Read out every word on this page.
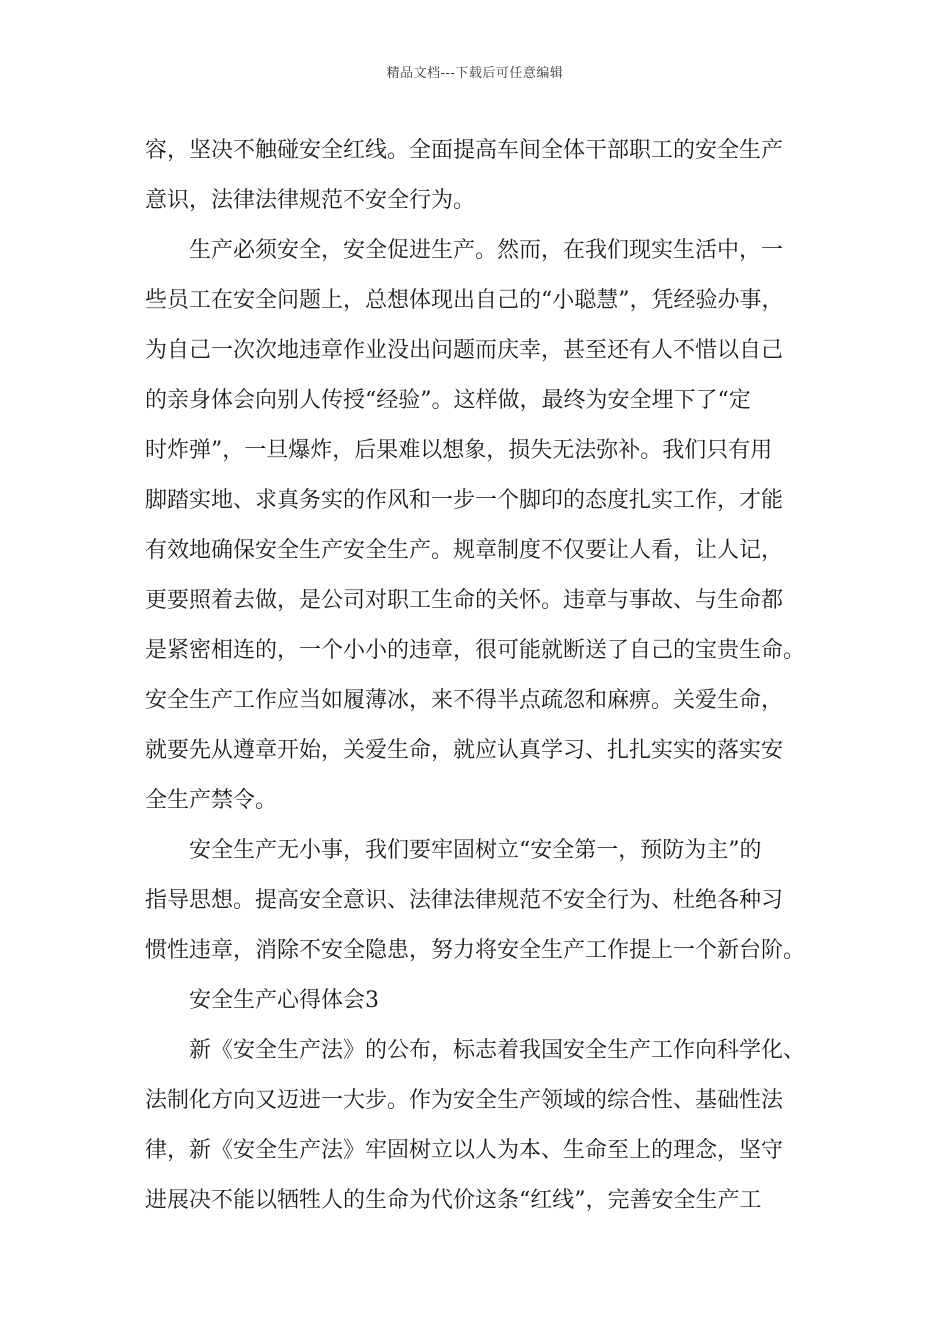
精品文档---下载后可任意编辑
容，坚决不触碰安全红线。全面提高车间全体干部职工的安全生产
意识，法律法律规范不安全行为。
生产必须安全，安全促进生产。然而，在我们现实生活中，一
些员工在安全问题上，总想体现出自己的“小聪慧”，凭经验办事，
为自己一次次地违章作业没出问题而庆幸，甚至还有人不惜以自己
的亲身体会向别人传授“经验”。这样做，最终为安全埋下了“定
时炸弹”，一旦爆炸，后果难以想象，损失无法弥补。我们只有用
脚踏实地、求真务实的作风和一步一个脚印的态度扎实工作，才能
有效地确保安全生产安全生产。规章制度不仅要让人看，让人记，
更要照着去做，是公司对职工生命的关怀。违章与事故、与生命都
是紧密相连的，一个小小的违章，很可能就断送了自己的宝贵生命。
安全生产工作应当如履薄冰，来不得半点疏忽和麻痹。关爱生命，
就要先从遵章开始，关爱生命，就应认真学习、扎扎实实的落实安
全生产禁令。
安全生产无小事，我们要牢固树立“安全第一，预防为主”的
指导思想。提高安全意识、法律法律规范不安全行为、杜绝各种习
惯性违章，消除不安全隐患，努力将安全生产工作提上一个新台阶。
安全生产心得体会3
新《安全生产法》的公布，标志着我国安全生产工作向科学化、
法制化方向又迈进一大步。作为安全生产领域的综合性、基础性法
律，新《安全生产法》牢固树立以人为本、生命至上的理念，坚守
进展决不能以牺牲人的生命为代价这条“红线”，完善安全生产工
